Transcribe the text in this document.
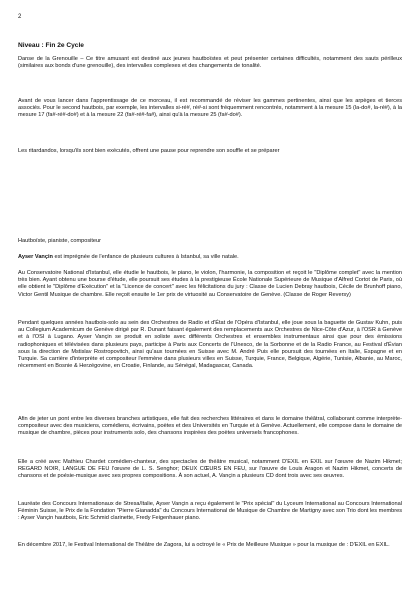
2
Niveau : Fin 2e Cycle

Danse de la Grenouille – Ce titre amusant est destiné aux jeunes hautboïstes et peut présenter certaines difficultés, notamment des sauts périlleux (similaires aux bonds d'une grenouille), des intervalles complexes et des changements de tonalité.

Avant de vous lancer dans l'apprentissage de ce morceau, il est recommandé de réviser les gammes pertinentes, ainsi que les arpèges et tierces associés. Pour le second hautbois, par exemple, les intervalles si-ré#, ré#-si sont fréquemment rencontrés, notamment à la mesure 15 (la-do#, la-ré#), à la mesure 17 (fa#-ré#-do#) et à la mesure 22 (fa#-ré#-fa#), ainsi qu'à la mesure 25 (fa#-do#).

Les ritardandos, lorsqu'ils sont bien exécutés, offrent une pause pour reprendre son souffle et se préparer

Hautboïste, pianiste, compositeur

Ayser Vançin est imprégnée de l'enfance de plusieurs cultures à Istanbul, sa ville natale.

Au Conservatoire National d'Istanbul, elle étudie le hautbois, le piano, le violon, l'harmonie, la composition et reçoit le "Diplôme complet" avec la mention très bien. Ayant obtenu une bourse d'étude, elle poursuit ses études à la prestigieuse École Nationale Supérieure de Musique d'Alfred Cortot de Paris, où elle obtient le "Diplôme d'Exécution" et la "Licence de concert" avec les félicitations du jury : Classe de Lucien Debray hautbois, Cécile de Brunhoff piano, Victor Gentil Musique de chambre. Elle reçoit ensuite le 1er prix de virtuosité au Conservatoire de Genève. (Classe de Roger Reversy)

Pendant quelques années hautbois-solo au sein des Orchestres de Radio et d'État de l'Opéra d'Istanbul, elle joue sous la baguette de Gustav Kuhn, puis au Collegium Academicum de Genève dirigé par R. Dunant faisant également des remplacements aux Orchestres de Nice-Côte d'Azur, à l'OSR à Genève et à l'OSI à Lugano. Ayser Vançin se produit en soliste avec différents Orchestres et ensembles instrumentaux ainsi que pour des émissions radiophoniques et télévisées dans plusieurs pays, participe à Paris aux Concerts de l'Unesco, de la Sorbonne et de la Radio France, au Festival d'Évian sous la direction de Mstislav Rostropovitch, ainsi qu'aux tournées en Suisse avec M. André Puis elle poursuit des tournées en Italie, Espagne et en Turquie. Sa carrière d'interprète et compositeur l'emmène dans plusieurs villes en Suisse, Turquie, France, Belgique, Algérie, Tunisie, Albanie, au Maroc, récemment en Bosnie & Herzégovine, en Croatie, Finlande, au Sénégal, Madagascar, Canada.

Afin de jeter un pont entre les diverses branches artistiques, elle fait des recherches littéraires et dans le domaine théâtral, collaborant comme interprète-compositeur avec des musiciens, comédiens, écrivains, poètes et des Universités en Turquie et à Genève. Actuellement, elle compose dans le domaine de musique de chambre, pièces pour instruments solo, des chansons inspirées des poètes universels francophones.

Elle a créé avec Mathieu Chardet comédien-chanteur, des spectacles de théâtre musical, notamment D'EXIL en EXIL sur l'œuvre de Nazim Hikmet; REGARD NOIR, LANGUE DE FEU l'œuvre de L. S. Senghor; DEUX CŒURS EN FEU, sur l'œuvre de Louis Aragon et Nazim Hikmet, concerts de chansons et de poésie-musique avec ses propres compositions. À son actuel, A. Vançin a plusieurs CD dont trois avec ses œuvres.

Lauréate des Concours Internationaux de Stresa/Italie, Ayser Vançin a reçu également le "Prix spécial" du Lyceum International au Concours International Féminin Suisse, le Prix de la Fondation "Pierre Gianadda" du Concours International de Musique de Chambre de Martigny avec son Trio dont les membres : Ayser Vançin hautbois, Eric Schmid clarinette, Fredy Feigenhauer piano.

En décembre 2017, le Festival International de Théâtre de Zagora, lui a octroyé le « Prix de Meilleure Musique » pour la musique de : D'EXIL en EXIL.
